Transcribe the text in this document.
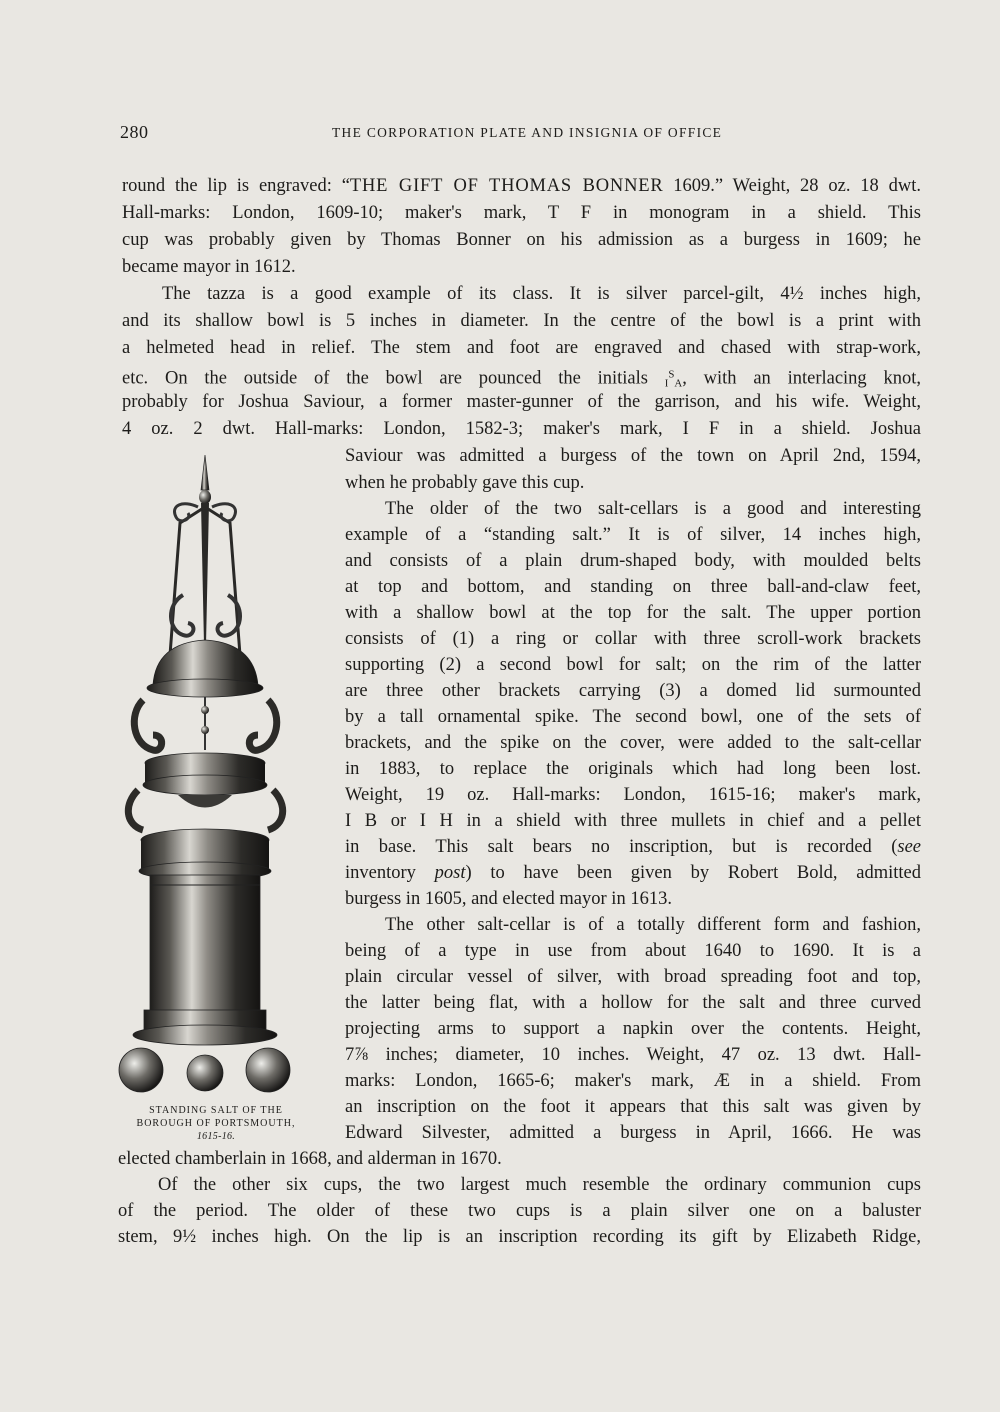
280	THE CORPORATION PLATE AND INSIGNIA OF OFFICE
round the lip is engraved: “THE GIFT OF THOMAS BONNER 1609.” Weight, 28 oz. 18 dwt.
Hall-marks: London, 1609-10; maker's mark, T F in monogram in a shield. This
cup was probably given by Thomas Bonner on his admission as a burgess in 1609; he
became mayor in 1612.
The tazza is a good example of its class. It is silver parcel-gilt, 4½ inches high,
and its shallow bowl is 5 inches in diameter. In the centre of the bowl is a print with
a helmeted head in relief. The stem and foot are engraved and chased with strap-work,
etc. On the outside of the bowl are pounced the initials $_I^S_A$, with an interlacing knot,
probably for Joshua Saviour, a former master-gunner of the garrison, and his wife. Weight,
4 oz. 2 dwt. Hall-marks: London, 1582-3; maker's mark, I F in a shield. Joshua
Saviour was admitted a burgess of the town on April 2nd, 1594,
when he probably gave this cup.
The older of the two salt-cellars is a good and interesting
example of a “standing salt.” It is of silver, 14 inches high,
and consists of a plain drum-shaped body, with moulded belts
at top and bottom, and standing on three ball-and-claw feet,
with a shallow bowl at the top for the salt. The upper portion
consists of (1) a ring or collar with three scroll-work brackets
supporting (2) a second bowl for salt; on the rim of the latter
are three other brackets carrying (3) a domed lid surmounted
by a tall ornamental spike. The second bowl, one of the sets of
brackets, and the spike on the cover, were added to the salt-cellar
in 1883, to replace the originals which had long been lost.
Weight, 19 oz. Hall-marks: London, 1615-16; maker's mark,
I B or I H in a shield with three mullets in chief and a pellet
in base. This salt bears no inscription, but is recorded (see
inventory post) to have been given by Robert Bold, admitted
burgess in 1605, and elected mayor in 1613.
The other salt-cellar is of a totally different form and fashion,
being of a type in use from about 1640 to 1690. It is a
plain circular vessel of silver, with broad spreading foot and top,
the latter being flat, with a hollow for the salt and three curved
projecting arms to support a napkin over the contents. Height,
7⅞ inches; diameter, 10 inches. Weight, 47 oz. 13 dwt. Hall-
marks: London, 1665-6; maker's mark, Æ in a shield. From
an inscription on the foot it appears that this salt was given by
Edward Silvester, admitted a burgess in April, 1666. He was
elected chamberlain in 1668, and alderman in 1670.
Of the other six cups, the two largest much resemble the ordinary communion cups
of the period. The older of these two cups is a plain silver one on a baluster
stem, 9½ inches high. On the lip is an inscription recording its gift by Elizabeth Ridge,
STANDING SALT OF THE
BOROUGH OF PORTSMOUTH,
1615-16.
